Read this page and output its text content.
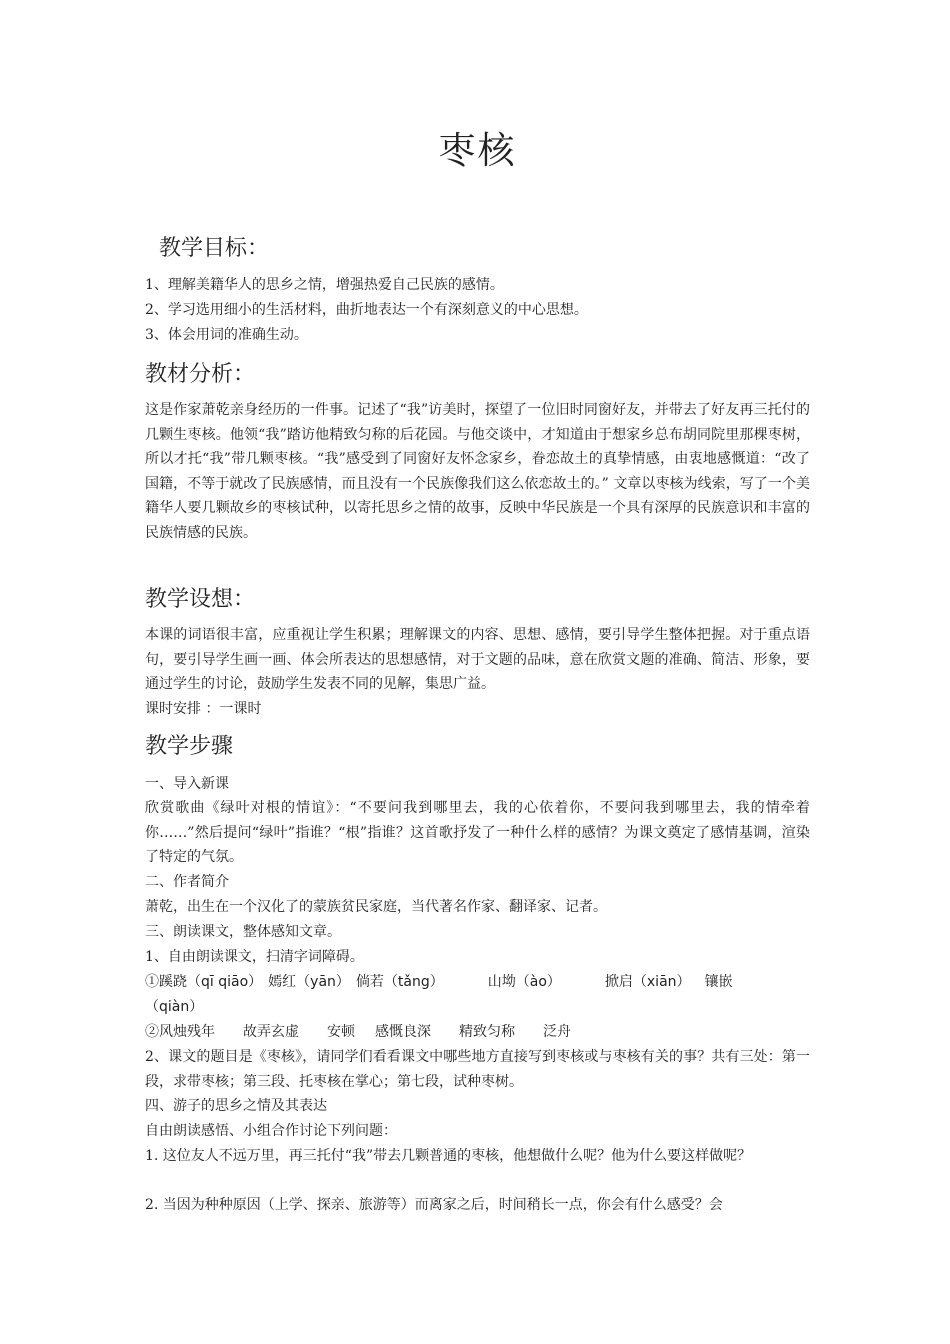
枣核
教学目标：
1、理解美籍华人的思乡之情，增强热爱自己民族的感情。
2、学习选用细小的生活材料，曲折地表达一个有深刻意义的中心思想。
3、体会用词的准确生动。
教材分析：
这是作家萧乾亲身经历的一件事。记述了“我”访美时，探望了一位旧时同窗好友，并带去了好友再三托付的几颗生枣核。他领“我”踏访他精致匀称的后花园。与他交谈中，才知道由于想家乡总布胡同院里那棵枣树，所以才托“我”带几颗枣核。“我”感受到了同窗好友怀念家乡，眷恋故土的真挚情感，由衷地感慨道：“改了国籍，不等于就改了民族感情，而且没有一个民族像我们这么依恋故土的。” 文章以枣核为线索，写了一个美籍华人要几颗故乡的枣核试种，以寄托思乡之情的故事，反映中华民族是一个具有深厚的民族意识和丰富的民族情感的民族。
教学设想：
本课的词语很丰富，应重视让学生积累；理解课文的内容、思想、感情，要引导学生整体把握。对于重点语句，要引导学生画一画、体会所表达的思想感情，对于文题的品味，意在欣赏文题的准确、简洁、形象，要通过学生的讨论，鼓励学生发表不同的见解，集思广益。
课时安排 ：一课时
教学步骤
一、导入新课
欣赏歌曲《绿叶对根的情谊》：“不要问我到哪里去，我的心依着你，不要问我到哪里去，我的情牵着你……”然后提问“绿叶”指谁？“根”指谁？这首歌抒发了一种什么样的感情？为课文奠定了感情基调，渲染了特定的气氛。
二、作者简介
萧乾，出生在一个汉化了的蒙族贫民家庭，当代著名作家、翻译家、记者。
三、朗读课文，整体感知文章。
1、自由朗读课文，扫清字词障碍。
①蹊跷（qī qiāo） 嫣红（yān） 倘若（tǎng）	山坳（ào）	掀启（xiān） 镶嵌
（qiàn）
②风烛残年 故弄玄虚 安顿 感慨良深 精致匀称 泛舟
2、课文的题目是《枣核》，请同学们看看课文中哪些地方直接写到枣核或与枣核有关的事？共有三处：第一段，求带枣核；第三段、托枣核在掌心；第七段，试种枣树。
四、游子的思乡之情及其表达
自由朗读感悟、小组合作讨论下列问题：
1. 这位友人不远万里，再三托付“我”带去几颗普通的枣核，他想做什么呢？他为什么要这样做呢？
2. 当因为种种原因（上学、探亲、旅游等）而离家之后，时间稍长一点，你会有什么感受？会
